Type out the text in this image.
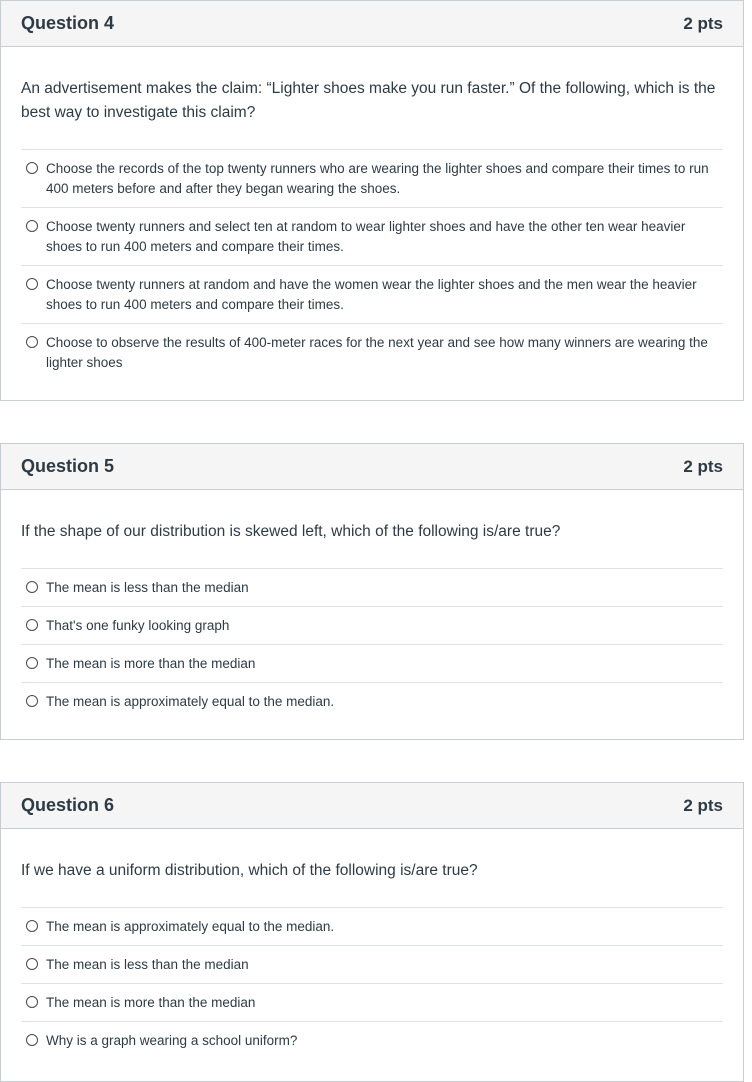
Question 4	2 pts

An advertisement makes the claim: “Lighter shoes make you run faster.” Of the following, which is the best way to investigate this claim?

Choose the records of the top twenty runners who are wearing the lighter shoes and compare their times to run 400 meters before and after they began wearing the shoes.
Choose twenty runners and select ten at random to wear lighter shoes and have the other ten wear heavier shoes to run 400 meters and compare their times.
Choose twenty runners at random and have the women wear the lighter shoes and the men wear the heavier shoes to run 400 meters and compare their times.
Choose to observe the results of 400-meter races for the next year and see how many winners are wearing the lighter shoes
Question 5	2 pts

If the shape of our distribution is skewed left, which of the following is/are true?

The mean is less than the median
That's one funky looking graph
The mean is more than the median
The mean is approximately equal to the median.
Question 6	2 pts

If we have a uniform distribution, which of the following is/are true?

The mean is approximately equal to the median.
The mean is less than the median
The mean is more than the median
Why is a graph wearing a school uniform?
